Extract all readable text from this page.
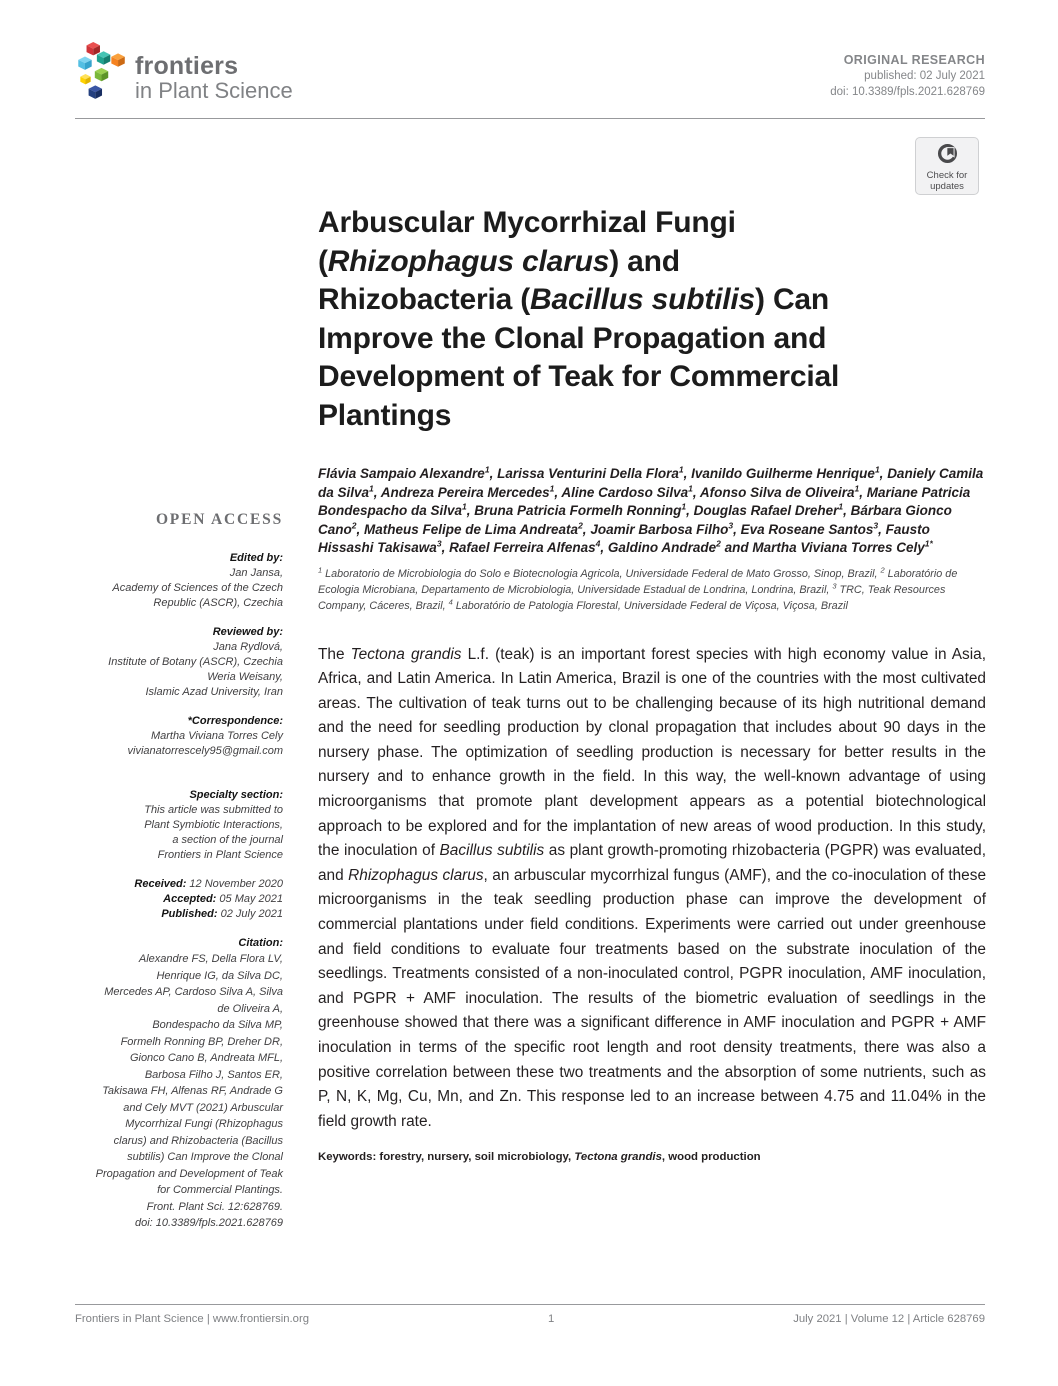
frontiers
in Plant Science
ORIGINAL RESEARCH
published: 02 July 2021
doi: 10.3389/fpls.2021.628769
Check for
updates
OPEN ACCESS
Edited by:
Jan Jansa,
Academy of Sciences of the Czech
Republic (ASCR), Czechia
Reviewed by:
Jana Rydlová,
Institute of Botany (ASCR), Czechia
Weria Weisany,
Islamic Azad University, Iran
*Correspondence:
Martha Viviana Torres Cely
vivianatorrescely95@gmail.com
Specialty section:
This article was submitted to
Plant Symbiotic Interactions,
a section of the journal
Frontiers in Plant Science
Received: 12 November 2020
Accepted: 05 May 2021
Published: 02 July 2021
Citation:
Alexandre FS, Della Flora LV,
Henrique IG, da Silva DC,
Mercedes AP, Cardoso Silva A, Silva
de Oliveira A,
Bondespacho da Silva MP,
Formelh Ronning BP, Dreher DR,
Gionco Cano B, Andreata MFL,
Barbosa Filho J, Santos ER,
Takisawa FH, Alfenas RF, Andrade G
and Cely MVT (2021) Arbuscular
Mycorrhizal Fungi (Rhizophagus
clarus) and Rhizobacteria (Bacillus
subtilis) Can Improve the Clonal
Propagation and Development of Teak
for Commercial Plantings.
Front. Plant Sci. 12:628769.
doi: 10.3389/fpls.2021.628769
Arbuscular Mycorrhizal Fungi
(Rhizophagus clarus) and
Rhizobacteria (Bacillus subtilis) Can
Improve the Clonal Propagation and
Development of Teak for Commercial
Plantings
Flávia Sampaio Alexandre$^1$, Larissa Venturini Della Flora$^1$, Ivanildo Guilherme Henrique$^1$, Daniely Camila da Silva$^1$, Andreza Pereira Mercedes$^1$, Aline Cardoso Silva$^1$, Afonso Silva de Oliveira$^1$, Mariane Patricia Bondespacho da Silva$^1$, Bruna Patricia Formelh Ronning$^1$, Douglas Rafael Dreher$^1$, Bárbara Gionco Cano$^2$, Matheus Felipe de Lima Andreata$^2$, Joamir Barbosa Filho$^3$, Eva Roseane Santos$^3$, Fausto Hissashi Takisawa$^3$, Rafael Ferreira Alfenas$^4$, Galdino Andrade$^2$ and Martha Viviana Torres Cely$^{1*}$
$^1$ Laboratorio de Microbiologia do Solo e Biotecnologia Agricola, Universidade Federal de Mato Grosso, Sinop, Brazil, $^2$ Laboratório de Ecologia Microbiana, Departamento de Microbiologia, Universidade Estadual de Londrina, Londrina, Brazil, $^3$ TRC, Teak Resources Company, Cáceres, Brazil, $^4$ Laboratório de Patologia Florestal, Universidade Federal de Viçosa, Viçosa, Brazil

The Tectona grandis L.f. (teak) is an important forest species with high economy value in Asia, Africa, and Latin America. In Latin America, Brazil is one of the countries with the most cultivated areas. The cultivation of teak turns out to be challenging because of its high nutritional demand and the need for seedling production by clonal propagation that includes about 90 days in the nursery phase. The optimization of seedling production is necessary for better results in the nursery and to enhance growth in the field. In this way, the well-known advantage of using microorganisms that promote plant development appears as a potential biotechnological approach to be explored and for the implantation of new areas of wood production. In this study, the inoculation of Bacillus subtilis as plant growth-promoting rhizobacteria (PGPR) was evaluated, and Rhizophagus clarus, an arbuscular mycorrhizal fungus (AMF), and the co-inoculation of these microorganisms in the teak seedling production phase can improve the development of commercial plantations under field conditions. Experiments were carried out under greenhouse and field conditions to evaluate four treatments based on the substrate inoculation of the seedlings. Treatments consisted of a non-inoculated control, PGPR inoculation, AMF inoculation, and PGPR + AMF inoculation. The results of the biometric evaluation of seedlings in the greenhouse showed that there was a significant difference in AMF inoculation and PGPR + AMF inoculation in terms of the specific root length and root density treatments, there was also a positive correlation between these two treatments and the absorption of some nutrients, such as P, N, K, Mg, Cu, Mn, and Zn. This response led to an increase between 4.75 and 11.04% in the field growth rate.

Keywords: forestry, nursery, soil microbiology, Tectona grandis, wood production
Frontiers in Plant Science | www.frontiersin.org	1	July 2021 | Volume 12 | Article 628769
